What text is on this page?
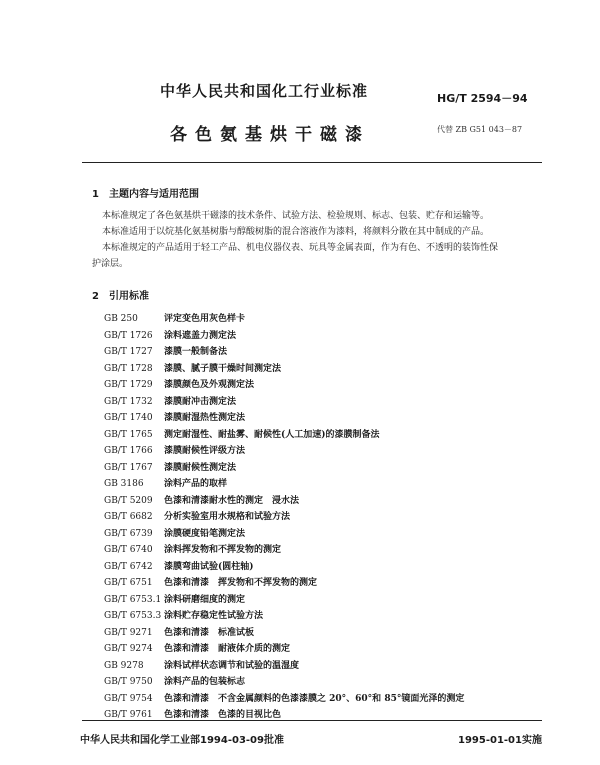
中华人民共和国化工行业标准	HG/T 2594－94
各色氨基烘干磁漆	代替 ZB G51 043－87
1　主题内容与适用范围
本标准规定了各色氨基烘干磁漆的技术条件、试验方法、检验规则、标志、包装、贮存和运输等。
本标准适用于以烷基化氨基树脂与醇酸树脂的混合溶液作为漆料，将颜料分散在其中制成的产品。
本标准规定的产品适用于轻工产品、机电仪器仪表、玩具等金属表面，作为有色、不透明的装饰性保
护涂层。
2　引用标准
GB 250	评定变色用灰色样卡
GB/T 1726 涂料遮盖力测定法
GB/T 1727 漆膜一般制备法
GB/T 1728 漆膜、腻子膜干燥时间测定法
GB/T 1729 漆膜颜色及外观测定法
GB/T 1732 漆膜耐冲击测定法
GB/T 1740 漆膜耐湿热性测定法
GB/T 1765 测定耐湿性、耐盐雾、耐候性(人工加速)的漆膜制备法
GB/T 1766 漆膜耐候性评级方法
GB/T 1767 漆膜耐候性测定法
GB 3186 涂料产品的取样
GB/T 5209 色漆和清漆耐水性的测定　浸水法
GB/T 6682 分析实验室用水规格和试验方法
GB/T 6739 涂膜硬度铅笔测定法
GB/T 6740 涂料挥发物和不挥发物的测定
GB/T 6742 漆膜弯曲试验(圆柱轴)
GB/T 6751 色漆和清漆　挥发物和不挥发物的测定
GB/T 6753.1 涂料研磨细度的测定
GB/T 6753.3 涂料贮存稳定性试验方法
GB/T 9271 色漆和清漆　标准试板
GB/T 9274 色漆和清漆　耐液体介质的测定
GB 9278 涂料试样状态调节和试验的温湿度
GB/T 9750 涂料产品的包装标志
GB/T 9754 色漆和清漆　不含金属颜料的色漆漆膜之 20°、60°和 85°镜面光泽的测定
GB/T 9761 色漆和清漆　色漆的目视比色
中华人民共和国化学工业部1994-03-09批准	1995-01-01实施
